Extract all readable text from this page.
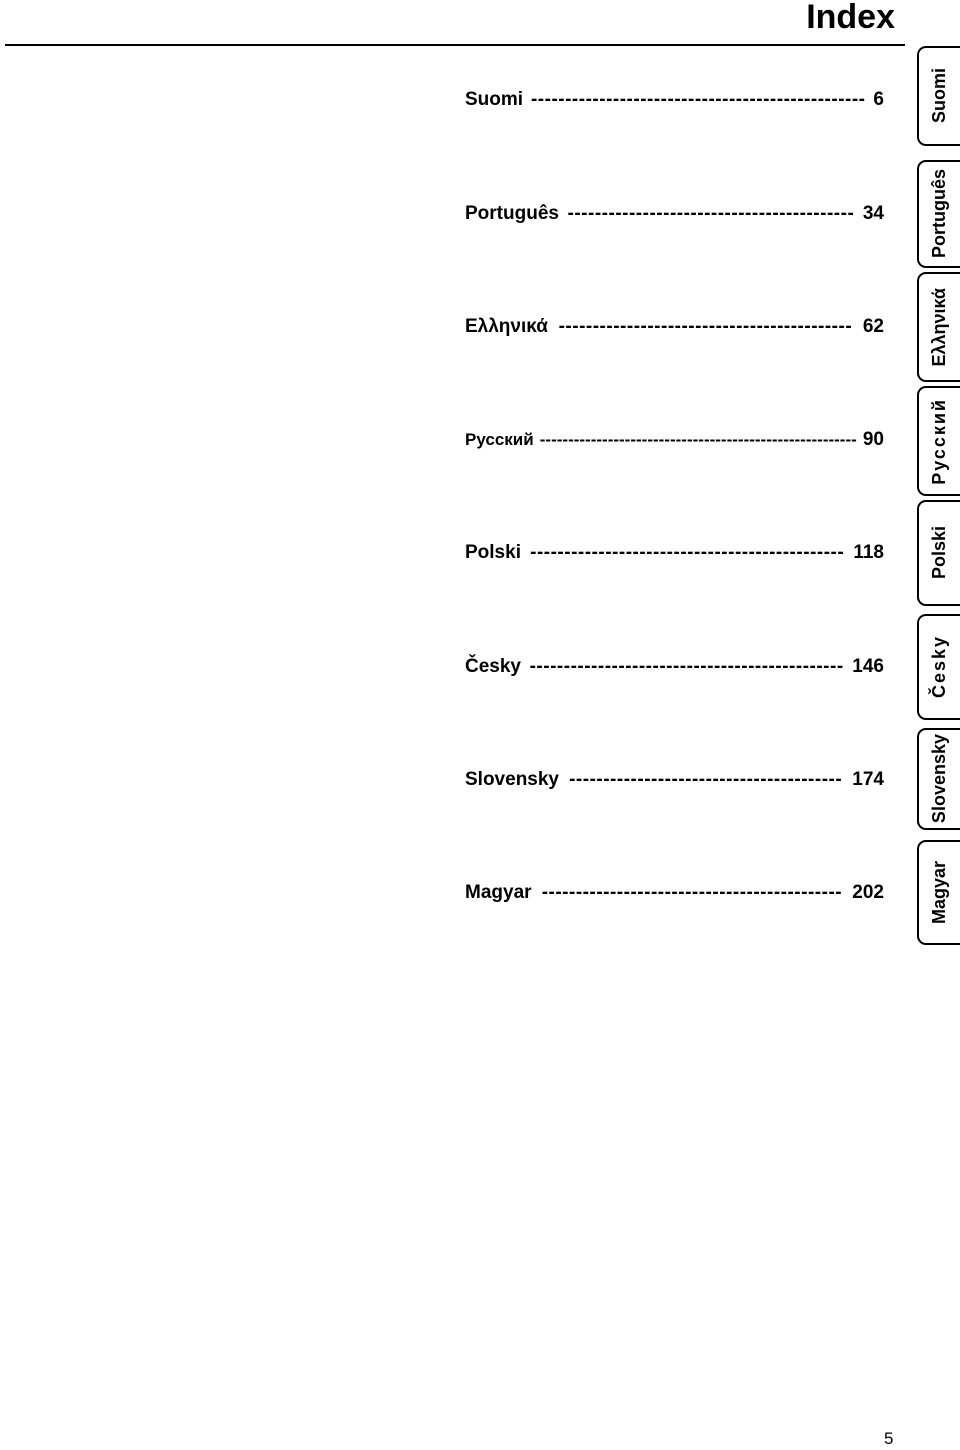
Index
Suomi ------------------------------------------------- 6
Português ------------------------------------------ 34
Ελληνικά ------------------------------------------- 62
Русский -------------------------------------------------------- 90
Polski ---------------------------------------------- 118
Česky ---------------------------------------------- 146
Slovensky ---------------------------------------- 174
Magyar -------------------------------------------- 202
Suomi
Português
Ελληνικά
Русский
Polski
Česky
Slovensky
Magyar
5
